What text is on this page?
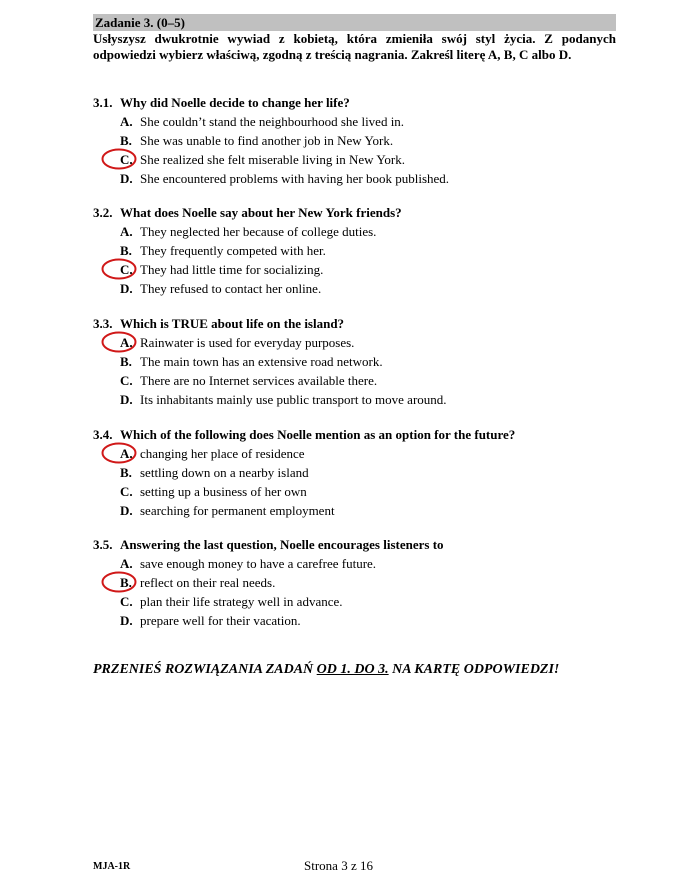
Zadanie 3. (0–5)
Usłyszysz dwukrotnie wywiad z kobietą, która zmieniła swój styl życia. Z podanych odpowiedzi wybierz właściwą, zgodną z treścią nagrania. Zakreśl literę A, B, C albo D.
3.1. Why did Noelle decide to change her life?
A. She couldn’t stand the neighbourhood she lived in.
B. She was unable to find another job in New York.
C. She realized she felt miserable living in New York.
D. She encountered problems with having her book published.
3.2. What does Noelle say about her New York friends?
A. They neglected her because of college duties.
B. They frequently competed with her.
C. They had little time for socializing.
D. They refused to contact her online.
3.3. Which is TRUE about life on the island?
A. Rainwater is used for everyday purposes.
B. The main town has an extensive road network.
C. There are no Internet services available there.
D. Its inhabitants mainly use public transport to move around.
3.4. Which of the following does Noelle mention as an option for the future?
A. changing her place of residence
B. settling down on a nearby island
C. setting up a business of her own
D. searching for permanent employment
3.5. Answering the last question, Noelle encourages listeners to
A. save enough money to have a carefree future.
B. reflect on their real needs.
C. plan their life strategy well in advance.
D. prepare well for their vacation.
PRZENIEŚ ROZWIĄZANIA ZADAŃ OD 1. DO 3. NA KARTĘ ODPOWIEDZI!
MJA-1R	Strona 3 z 16
